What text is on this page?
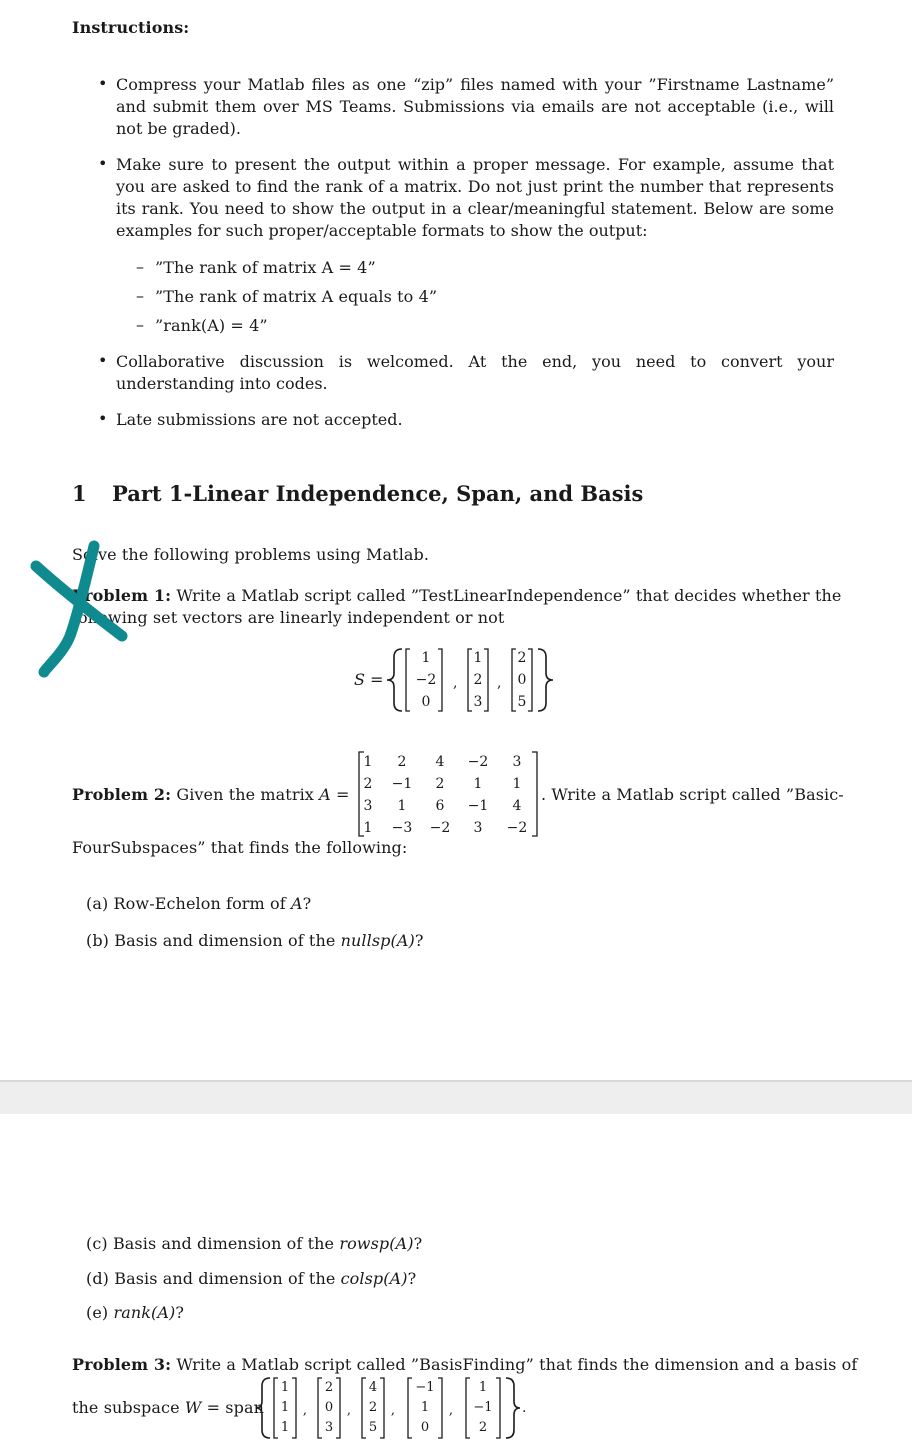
Instructions:
• Compress your Matlab files as one “zip” files named with your ”Firstname Lastname” and submit them over MS Teams. Submissions via emails are not acceptable (i.e., will not be graded).
• Make sure to present the output within a proper message. For example, assume that you are asked to find the rank of a matrix. Do not just print the number that represents its rank. You need to show the output in a clear/meaningful statement. Below are some examples for such proper/acceptable formats to show the output:
– ”The rank of matrix A = 4”
– ”The rank of matrix A equals to 4”
– ”rank(A) = 4”
• Collaborative discussion is welcomed. At the end, you need to convert your understanding into codes.
• Late submissions are not accepted.
1 Part 1-Linear Independence, Span, and Basis
Solve the following problems using Matlab.
Problem 1: Write a Matlab script called ”TestLinearIndependence” that decides whether the
following set vectors are linearly independent or not
S =
1
−2
0
,
1
2
3
,
2
0
5
Problem 2: Given the matrix A =
1 2 4 −2 3
2 −1 2 1 1
3 1 6 −1 4
1 −3 −2 3 −2
. Write a Matlab script called ”Basic-
FourSubspaces” that finds the following:
(a) Row-Echelon form of A?
(b) Basis and dimension of the nullsp(A)?
(c) Basis and dimension of the rowsp(A)?
(d) Basis and dimension of the colsp(A)?
(e) rank(A)?
Problem 3: Write a Matlab script called ”BasisFinding” that finds the dimension and a basis of
the subspace W = span
1
1
1
,
2
0
3
,
4
2
5
,
−1
1
0
,
1
−1
2
.
